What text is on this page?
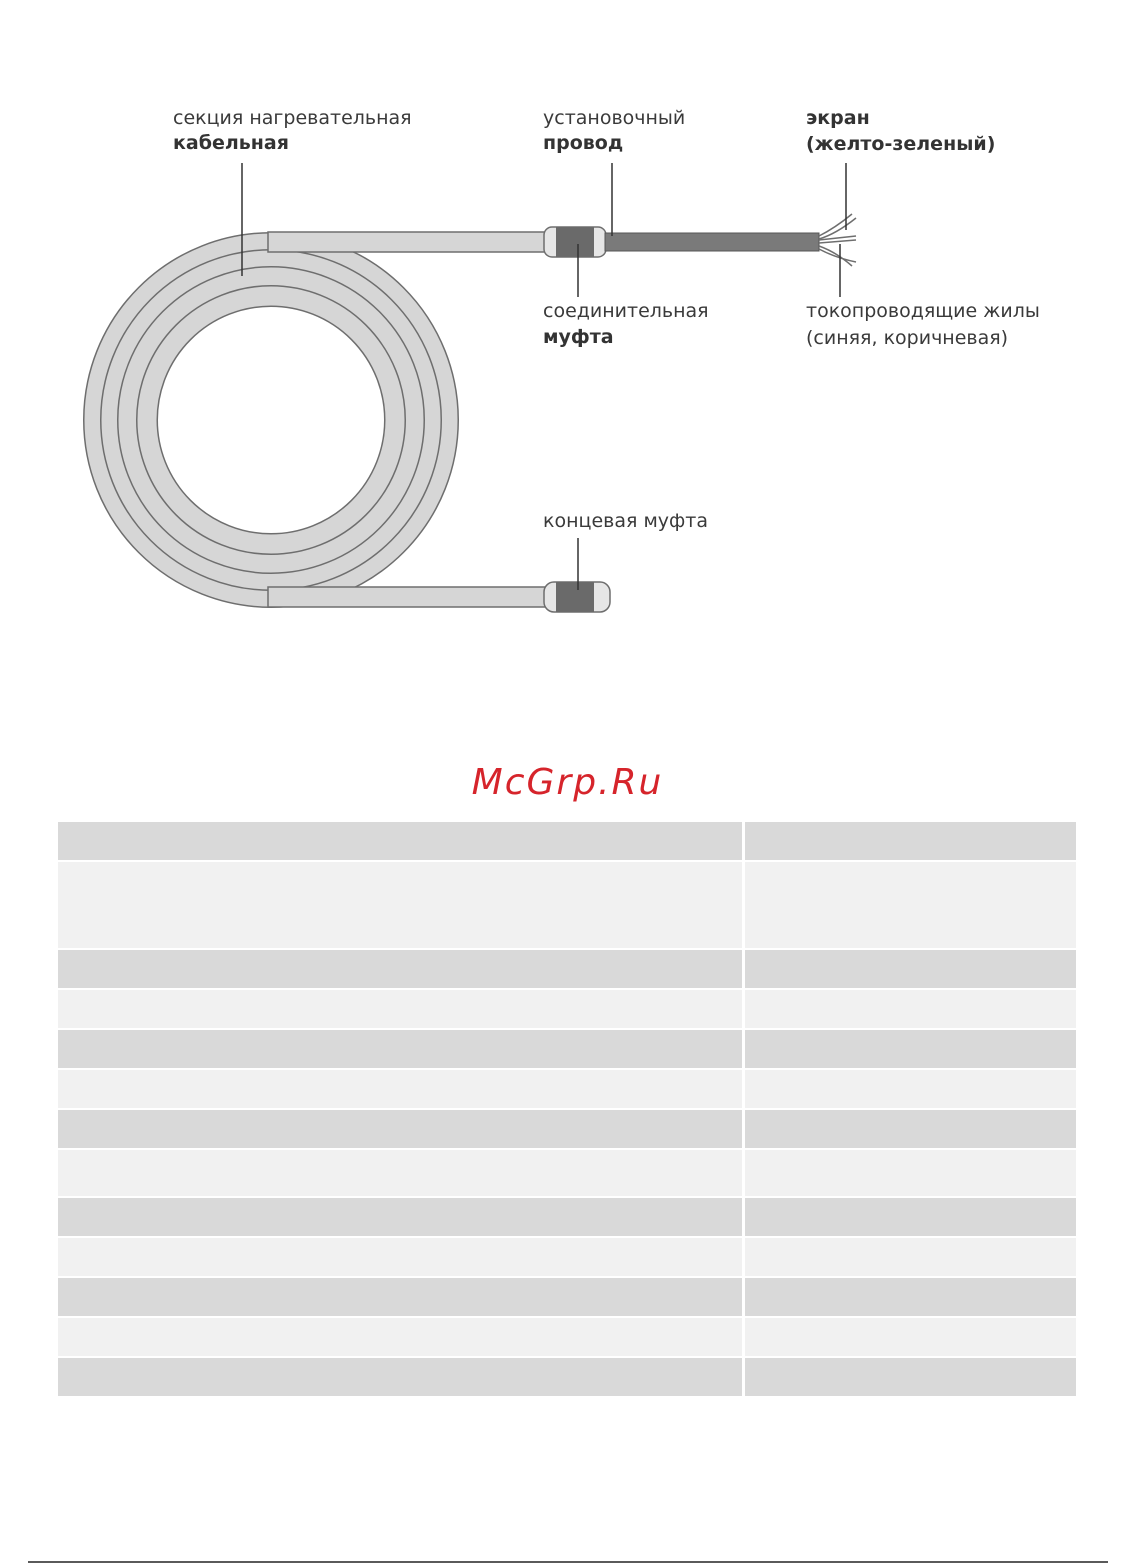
секция нагревательная
кабельная
установочный
провод
экран
(желто-зеленый)
соединительная
муфта
токопроводящие жилы
(синяя, коричневая)
концевая муфта
McGrp.Ru
